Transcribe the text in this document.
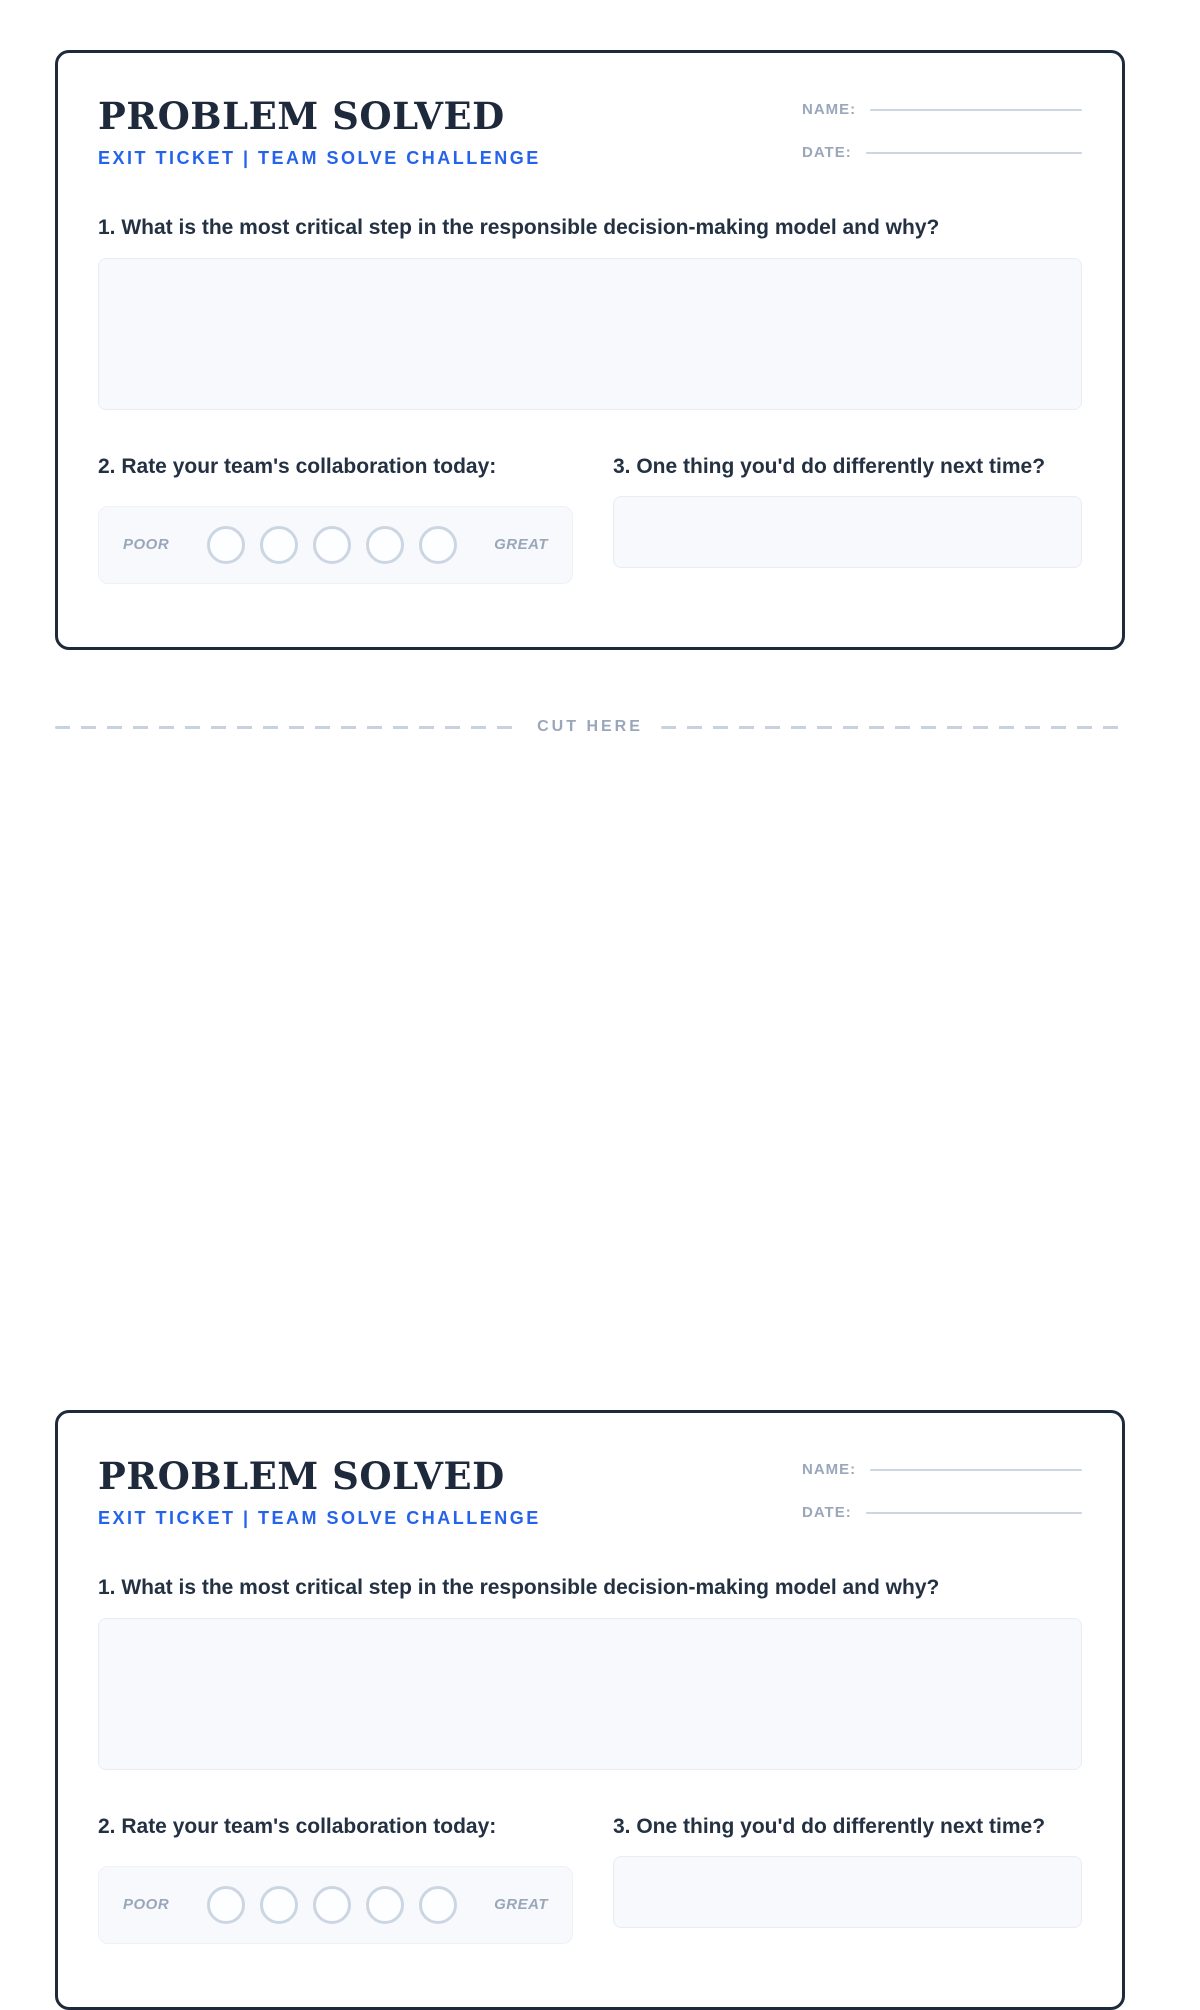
PROBLEM SOLVED
EXIT TICKET | TEAM SOLVE CHALLENGE
NAME:
DATE:
1. What is the most critical step in the responsible decision-making model and why?
2. Rate your team's collaboration today:
POOR	GREAT
3. One thing you'd do differently next time?
CUT HERE
PROBLEM SOLVED
EXIT TICKET | TEAM SOLVE CHALLENGE
NAME:
DATE:
1. What is the most critical step in the responsible decision-making model and why?
2. Rate your team's collaboration today:
POOR	GREAT
3. One thing you'd do differently next time?
